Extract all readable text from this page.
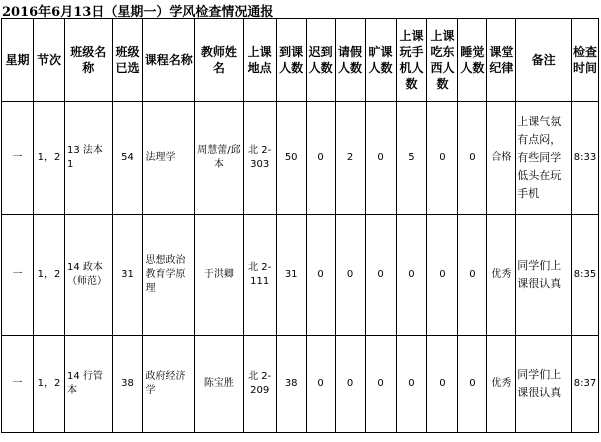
2016年6月13日（星期一）学风检查情况通报
星期	节次	班级名称	班级已选	课程名称	教师姓名	上课地点	到课人数	迟到人数	请假人数	旷课人数	上课玩手机人数	上课吃东西人数	睡觉人数	课堂纪律	备注	检查时间
一	1，2	13 法本 1	54	法理学	周慧蕾/邱本	北 2-303	50	0	2	0	5	0	0	合格	上课气氛有点闷，有些同学低头在玩手机	8:33
一	1，2	14 政本（师范）	31	思想政治教育学原理	于洪卿	北 2-111	31	0	0	0	0	0	0	优秀	同学们上课很认真	8:35
一	1，2	14 行管本	38	政府经济学	陈宝胜	北 2-209	38	0	0	0	0	0	0	优秀	同学们上课很认真	8:37
